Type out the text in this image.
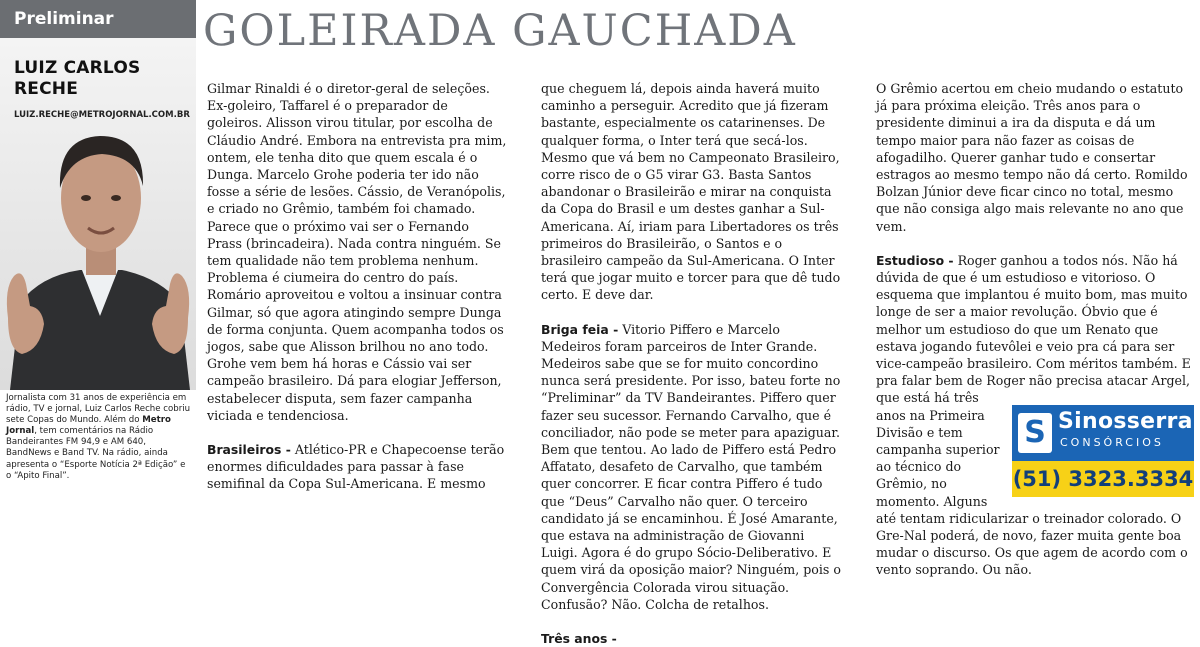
Preliminar

LUIZ CARLOS
RECHE

LUIZ.RECHE@METROJORNAL.COM.BR

Jornalista com 31 anos de experiência em rádio, TV e jornal, Luiz Carlos Reche cobriu sete Copas do Mundo. Além do Metro Jornal, tem comentários na Rádio Bandeirantes FM 94,9 e AM 640, BandNews e Band TV. Na rádio, ainda apresenta o “Esporte Notícia 2ª Edição” e o “Apito Final”.

GOLEIRADA GAUCHADA

Gilmar Rinaldi é o diretor-geral de seleções. Ex-goleiro, Taffarel é o preparador de goleiros. Alisson virou titular, por escolha de Cláudio André. Embora na entrevista pra mim, ontem, ele tenha dito que quem escala é o Dunga. Marcelo Grohe poderia ter ido não fosse a série de lesões. Cássio, de Veranópolis, e criado no Grêmio, também foi chamado. Parece que o próximo vai ser o Fernando Prass (brincadeira). Nada contra ninguém. Se tem qualidade não tem problema nenhum. Problema é ciumeira do centro do país. Romário aproveitou e voltou a insinuar contra Gilmar, só que agora atingindo sempre Dunga de forma conjunta. Quem acompanha todos os jogos, sabe que Alisson brilhou no ano todo. Grohe vem bem há horas e Cássio vai ser campeão brasileiro. Dá para elogiar Jefferson, estabelecer disputa, sem fazer campanha viciada e tendenciosa.

Brasileiros - Atlético-PR e Chapecoense terão enormes dificuldades para passar à fase semifinal da Copa Sul-Americana. E mesmo

que cheguem lá, depois ainda haverá muito caminho a perseguir. Acredito que já fizeram bastante, especialmente os catarinenses. De qualquer forma, o Inter terá que secá-los. Mesmo que vá bem no Campeonato Brasileiro, corre risco de o G5 virar G3. Basta Santos abandonar o Brasileirão e mirar na conquista da Copa do Brasil e um destes ganhar a Sul-Americana. Aí, iriam para Libertadores os três primeiros do Brasileirão, o Santos e o brasileiro campeão da Sul-Americana. O Inter terá que jogar muito e torcer para que dê tudo certo. E deve dar.

Briga feia - Vitorio Piffero e Marcelo Medeiros foram parceiros de Inter Grande. Medeiros sabe que se for muito concordino nunca será presidente. Por isso, bateu forte no “Preliminar” da TV Bandeirantes. Piffero quer fazer seu sucessor. Fernando Carvalho, que é conciliador, não pode se meter para apaziguar. Bem que tentou. Ao lado de Piffero está Pedro Affatato, desafeto de Carvalho, que também quer concorrer. E ficar contra Piffero é tudo que “Deus” Carvalho não quer. O terceiro candidato já se encaminhou. É José Amarante, que estava na administração de Giovanni Luigi. Agora é do grupo Sócio-Deliberativo. E quem virá da oposição maior? Ninguém, pois o Convergência Colorada virou situação. Confusão? Não. Colcha de retalhos.

Três anos -

O Grêmio acertou em cheio mudando o estatuto já para próxima eleição. Três anos para o presidente diminui a ira da disputa e dá um tempo maior para não fazer as coisas de afogadilho. Querer ganhar tudo e consertar estragos ao mesmo tempo não dá certo. Romildo Bolzan Júnior deve ficar cinco no total, mesmo que não consiga algo mais relevante no ano que vem.

Estudioso - Roger ganhou a todos nós. Não há dúvida de que é um estudioso e vitorioso. O esquema que implantou é muito bom, mas muito longe de ser a maior revolução. Óbvio que é melhor um estudioso do que um Renato que estava jogando futevôlei e veio pra cá para ser vice-campeão brasileiro. Com méritos também. E pra falar bem de Roger não precisa atacar Argel, que está há três anos na Primeira Divisão e tem campanha superior ao técnico do Grêmio, no momento. Alguns até tentam ridicularizar o treinador colorado. O Gre-Nal poderá, de novo, fazer muita gente boa mudar o discurso. Os que agem de acordo com o vento soprando. Ou não.

S Sinosserra
CONSÓRCIOS
(51) 3323.3334
